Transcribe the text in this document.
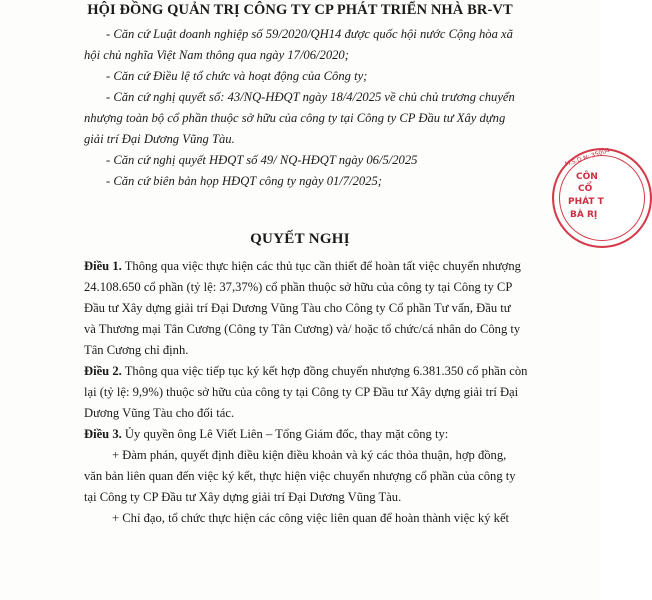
HỘI ĐỒNG QUẢN TRỊ CÔNG TY CP PHÁT TRIỂN NHÀ BR-VT
- Căn cứ Luật doanh nghiệp số 59/2020/QH14 được quốc hội nước Cộng hòa xã
hội chủ nghĩa Việt Nam thông qua ngày 17/06/2020;
- Căn cứ Điều lệ tổ chức và hoạt động của Công ty;
- Căn cứ nghị quyết số: 43/NQ-HĐQT ngày 18/4/2025 về chủ chủ trương chuyển
nhượng toàn bộ cổ phần thuộc sở hữu của công ty tại Công ty CP Đầu tư Xây dựng
giải trí Đại Dương Vũng Tàu.
- Căn cứ nghị quyết HĐQT số 49/ NQ-HĐQT ngày 06/5/2025
- Căn cứ biên bản họp HĐQT công ty ngày 01/7/2025;
QUYẾT NGHỊ
Điều 1. Thông qua việc thực hiện các thủ tục cần thiết để hoàn tất việc chuyển nhượng
24.108.650 cổ phần (tỷ lệ: 37,37%) cổ phần thuộc sở hữu của công ty tại Công ty CP
Đầu tư Xây dựng giải trí Đại Dương Vũng Tàu cho Công ty Cổ phần Tư vấn, Đầu tư
và Thương mại Tân Cương (Công ty Tân Cương) và/ hoặc tổ chức/cá nhân do Công ty
Tân Cương chỉ định.
Điều 2. Thông qua việc tiếp tục ký kết hợp đồng chuyển nhượng 6.381.350 cổ phần còn
lại (tỷ lệ: 9,9%) thuộc sở hữu của công ty tại Công ty CP Đầu tư Xây dựng giải trí Đại
Dương Vũng Tàu cho đối tác.
Điều 3. Ủy quyền ông Lê Viết Liên – Tổng Giám đốc, thay mặt công ty:
+ Đàm phán, quyết định điều kiện điều khoản và ký các thỏa thuận, hợp đồng,
văn bản liên quan đến việc ký kết, thực hiện việc chuyển nhượng cổ phần của công ty
tại Công ty CP Đầu tư Xây dựng giải trí Đại Dương Vũng Tàu.
+ Chỉ đạo, tổ chức thực hiện các công việc liên quan để hoàn thành việc ký kết
M.S.D.N: 35004
CÔN
CỔ
PHÁT T
BÀ RỊ
